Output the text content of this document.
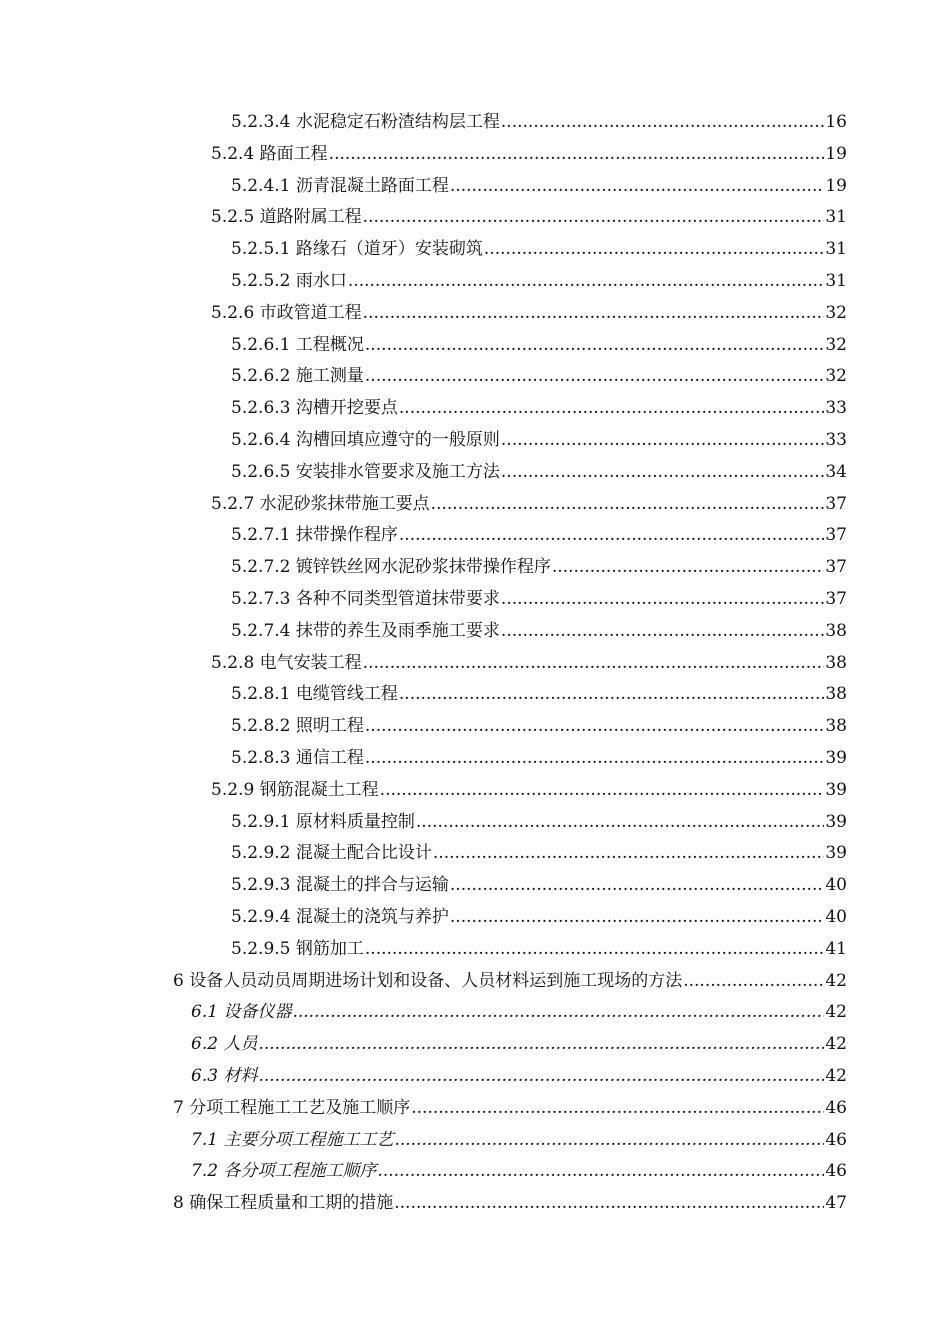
5.2.3.4 水泥稳定石粉渣结构层工程 .....	16
5.2.4 路面工程 .....	19
5.2.4.1 沥青混凝土路面工程 .....	19
5.2.5 道路附属工程 .....	31
5.2.5.1 路缘石（道牙）安装砌筑 .....	31
5.2.5.2 雨水口 .....	31
5.2.6 市政管道工程 .....	32
5.2.6.1 工程概况 .....	32
5.2.6.2 施工测量 .....	32
5.2.6.3 沟槽开挖要点 .....	33
5.2.6.4 沟槽回填应遵守的一般原则 .....	33
5.2.6.5 安装排水管要求及施工方法 .....	34
5.2.7 水泥砂浆抹带施工要点 .....	37
5.2.7.1 抹带操作程序 .....	37
5.2.7.2 镀锌铁丝网水泥砂浆抹带操作程序 .....	37
5.2.7.3 各种不同类型管道抹带要求 .....	37
5.2.7.4 抹带的养生及雨季施工要求 .....	38
5.2.8 电气安装工程 .....	38
5.2.8.1 电缆管线工程 .....	38
5.2.8.2 照明工程 .....	38
5.2.8.3 通信工程 .....	39
5.2.9 钢筋混凝土工程 .....	39
5.2.9.1 原材料质量控制 .....	39
5.2.9.2 混凝土配合比设计 .....	39
5.2.9.3 混凝土的拌合与运输 .....	40
5.2.9.4 混凝土的浇筑与养护 .....	40
5.2.9.5 钢筋加工 .....	41
6 设备人员动员周期进场计划和设备、人员材料运到施工现场的方法 .....	42
6.1 设备仪器 .....	42
6.2 人员 .....	42
6.3 材料 .....	42
7 分项工程施工工艺及施工顺序 .....	46
7.1 主要分项工程施工工艺 .....	46
7.2 各分项工程施工顺序 .....	46
8 确保工程质量和工期的措施 .....	47
